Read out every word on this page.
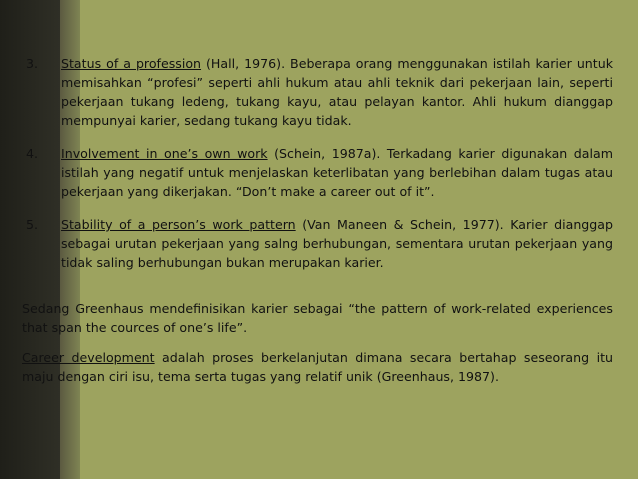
3. Status of a profession (Hall, 1976). Beberapa orang menggunakan istilah karier untuk memisahkan “profesi” seperti ahli hukum atau ahli teknik dari pekerjaan lain, seperti pekerjaan tukang ledeng, tukang kayu, atau pelayan kantor. Ahli hukum dianggap mempunyai karier, sedang tukang kayu tidak.
4. Involvement in one’s own work (Schein, 1987a). Terkadang karier digunakan dalam istilah yang negatif untuk menjelaskan keterlibatan yang berlebihan dalam tugas atau pekerjaan yang dikerjakan. “Don’t make a career out of it”.
5. Stability of a person’s work pattern (Van Maneen & Schein, 1977). Karier dianggap sebagai urutan pekerjaan yang salng berhubungan, sementara urutan pekerjaan yang tidak saling berhubungan bukan merupakan karier.

Sedang Greenhaus mendefinisikan karier sebagai “the pattern of work-related experiences that span the cources of one’s life”.

Career development adalah proses berkelanjutan dimana secara bertahap seseorang itu maju dengan ciri isu, tema serta tugas yang relatif unik (Greenhaus, 1987).
